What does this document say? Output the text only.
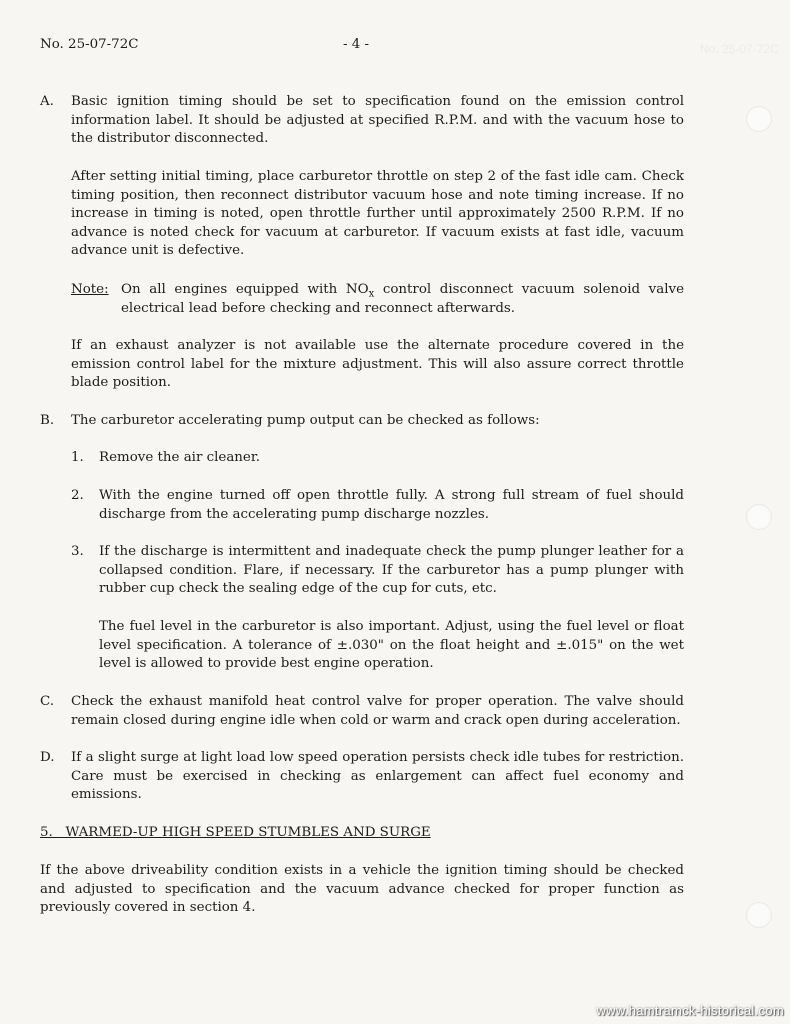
No. 25-07-72C
No. 25-07-72C	- 4 -
A. Basic ignition timing should be set to specification found on the emission control information label. It should be adjusted at specified R.P.M. and with the vacuum hose to the distributor disconnected.
After setting initial timing, place carburetor throttle on step 2 of the fast idle cam. Check timing position, then reconnect distributor vacuum hose and note timing increase. If no increase in timing is noted, open throttle further until approximately 2500 R.P.M. If no advance is noted check for vacuum at carburetor. If vacuum exists at fast idle, vacuum advance unit is defective.
Note: On all engines equipped with $NO_x$ control disconnect vacuum solenoid valve electrical lead before checking and reconnect afterwards.
If an exhaust analyzer is not available use the alternate procedure covered in the emission control label for the mixture adjustment. This will also assure correct throttle blade position.
B. The carburetor accelerating pump output can be checked as follows:
1. Remove the air cleaner.
2. With the engine turned off open throttle fully. A strong full stream of fuel should discharge from the accelerating pump discharge nozzles.
3. If the discharge is intermittent and inadequate check the pump plunger leather for a collapsed condition. Flare, if necessary. If the carburetor has a pump plunger with rubber cup check the sealing edge of the cup for cuts, etc.
The fuel level in the carburetor is also important. Adjust, using the fuel level or float level specification. A tolerance of ±.030" on the float height and ±.015" on the wet level is allowed to provide best engine operation.
C. Check the exhaust manifold heat control valve for proper operation. The valve should remain closed during engine idle when cold or warm and crack open during acceleration.
D. If a slight surge at light load low speed operation persists check idle tubes for restriction. Care must be exercised in checking as enlargement can affect fuel economy and emissions.
5.   WARMED-UP HIGH SPEED STUMBLES AND SURGE
If the above driveability condition exists in a vehicle the ignition timing should be checked and adjusted to specification and the vacuum advance checked for proper function as previously covered in section 4.
www.hamtramck-historical.com
